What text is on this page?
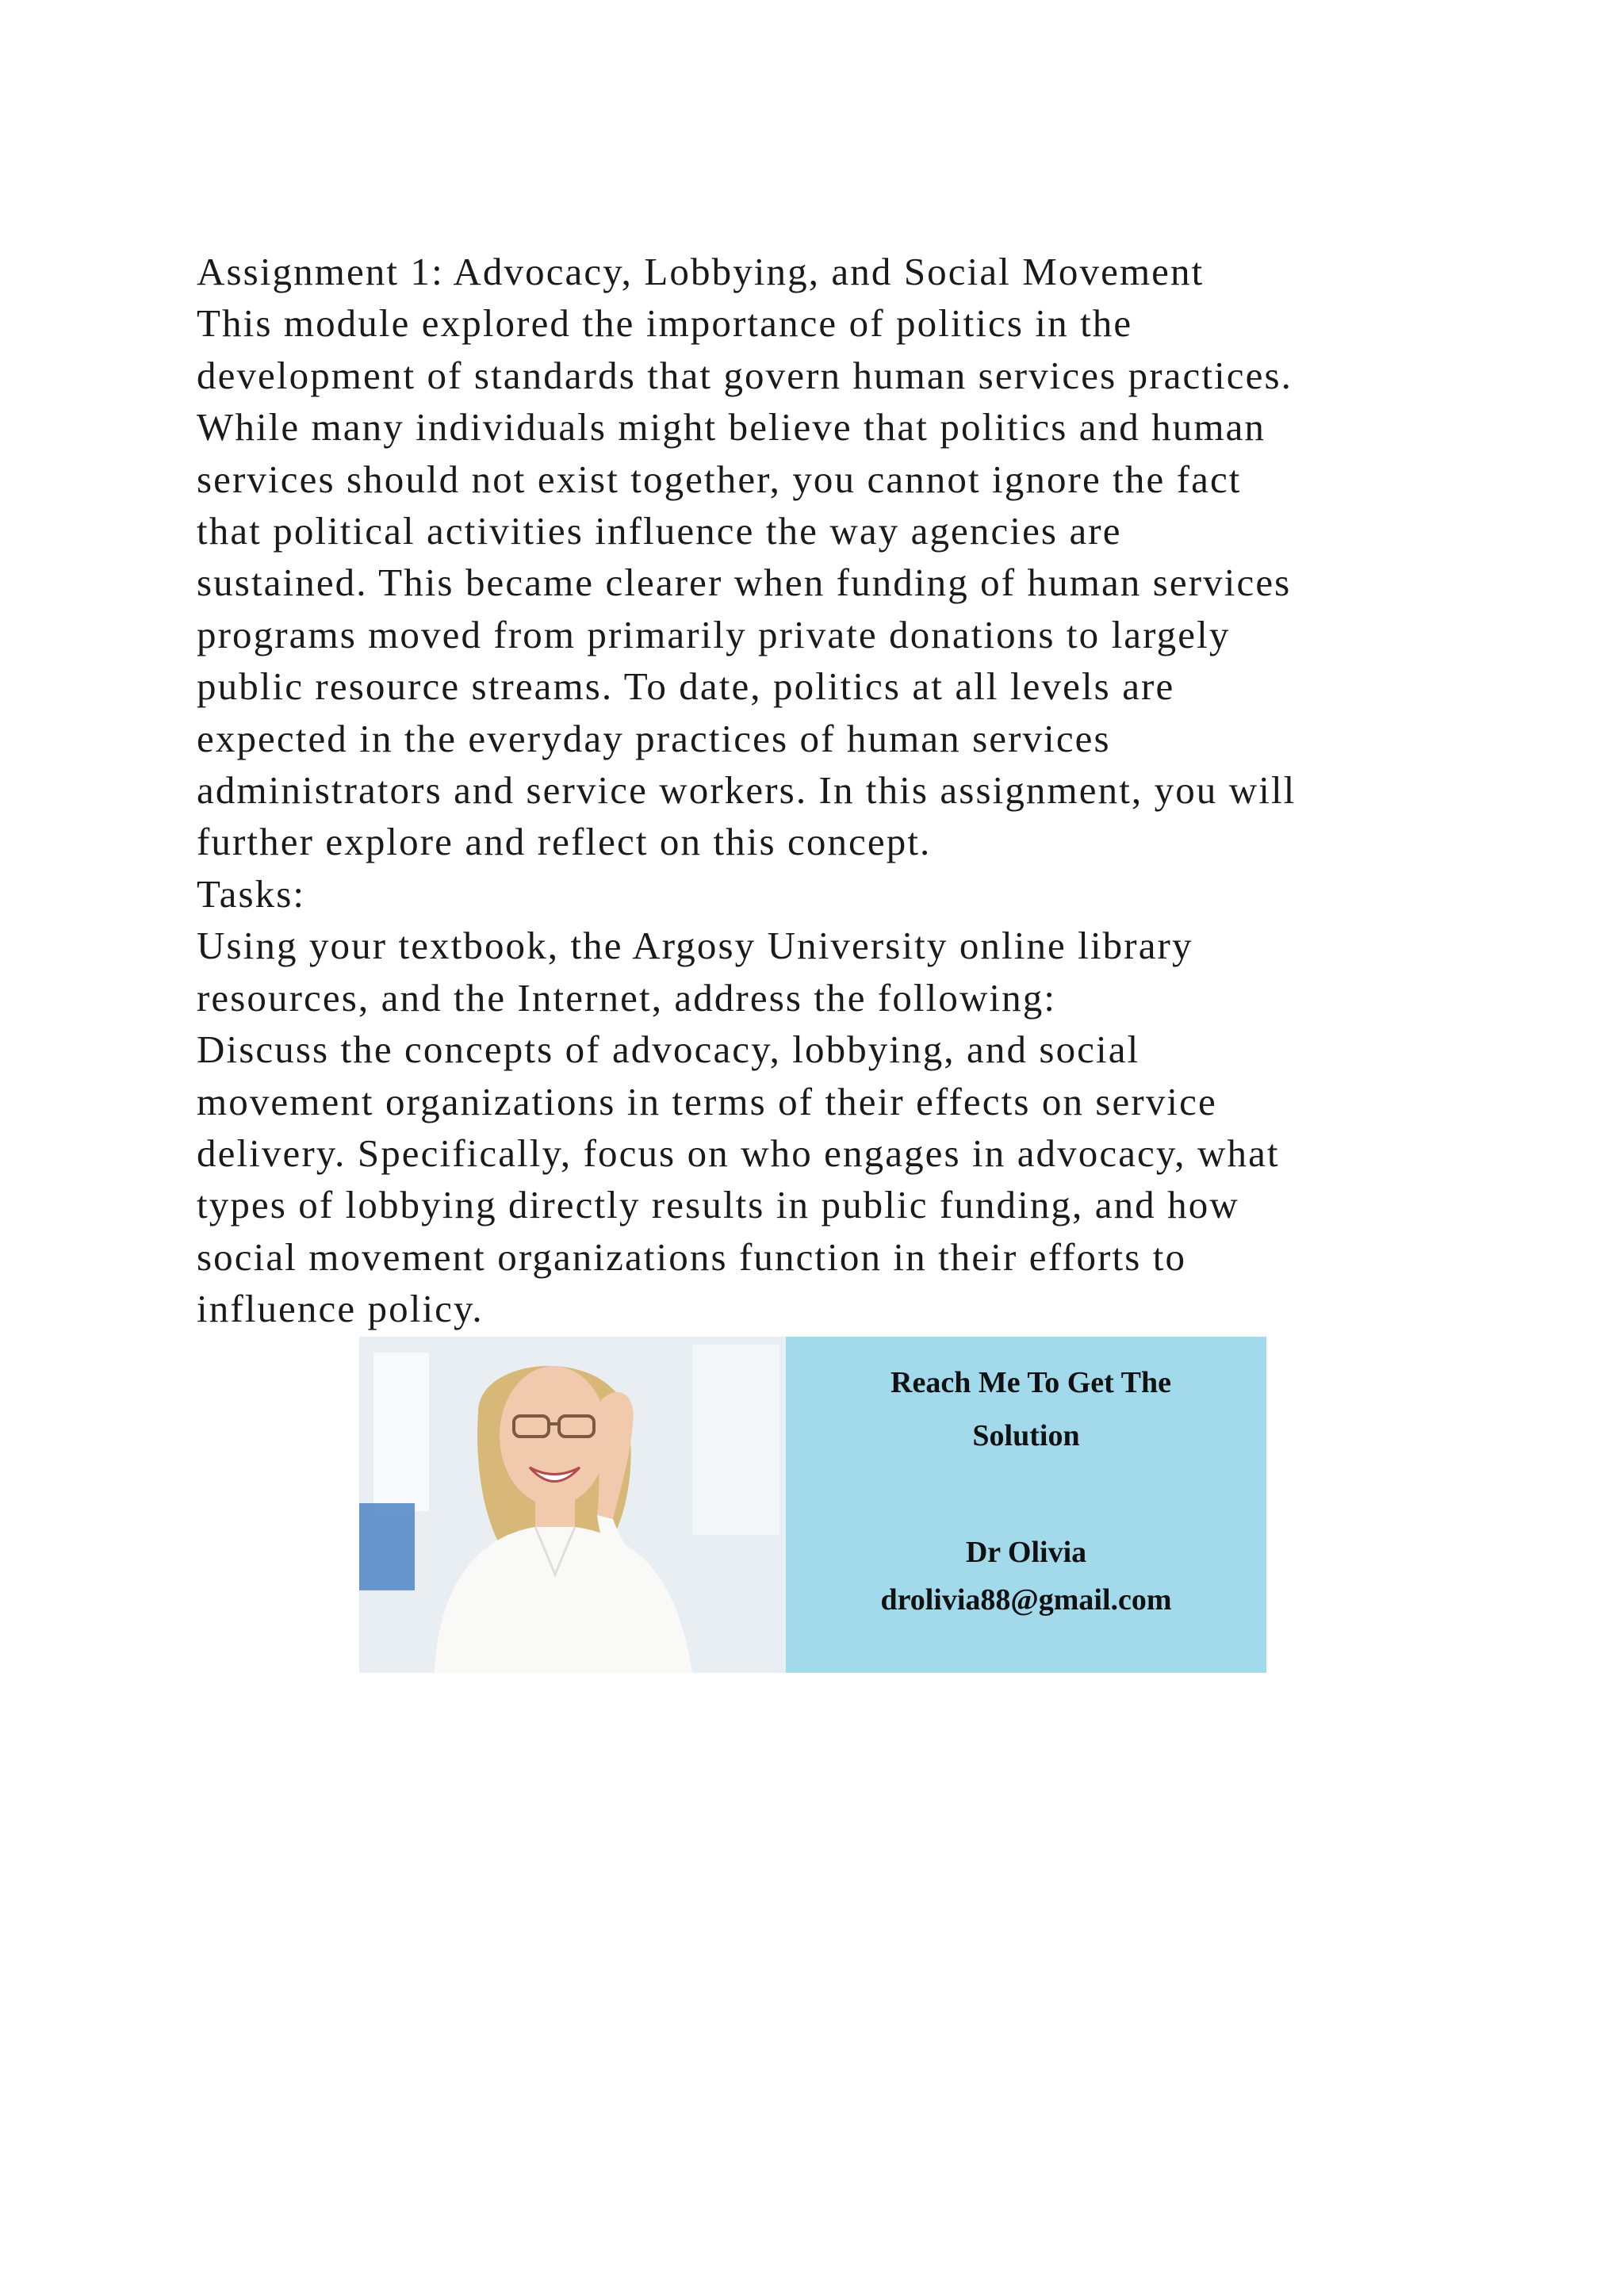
Assignment 1: Advocacy, Lobbying, and Social Movement
This module explored the importance of politics in the
development of standards that govern human services practices.
While many individuals might believe that politics and human
services should not exist together, you cannot ignore the fact
that political activities influence the way agencies are
sustained. This became clearer when funding of human services
programs moved from primarily private donations to largely
public resource streams. To date, politics at all levels are
expected in the everyday practices of human services
administrators and service workers. In this assignment, you will
further explore and reflect on this concept.
Tasks:
Using your textbook, the Argosy University online library
resources, and the Internet, address the following:
Discuss the concepts of advocacy, lobbying, and social
movement organizations in terms of their effects on service
delivery. Specifically, focus on who engages in advocacy, what
types of lobbying directly results in public funding, and how
social movement organizations function in their efforts to
influence policy.
Reach Me To Get The
Solution
Dr Olivia
drolivia88@gmail.com
